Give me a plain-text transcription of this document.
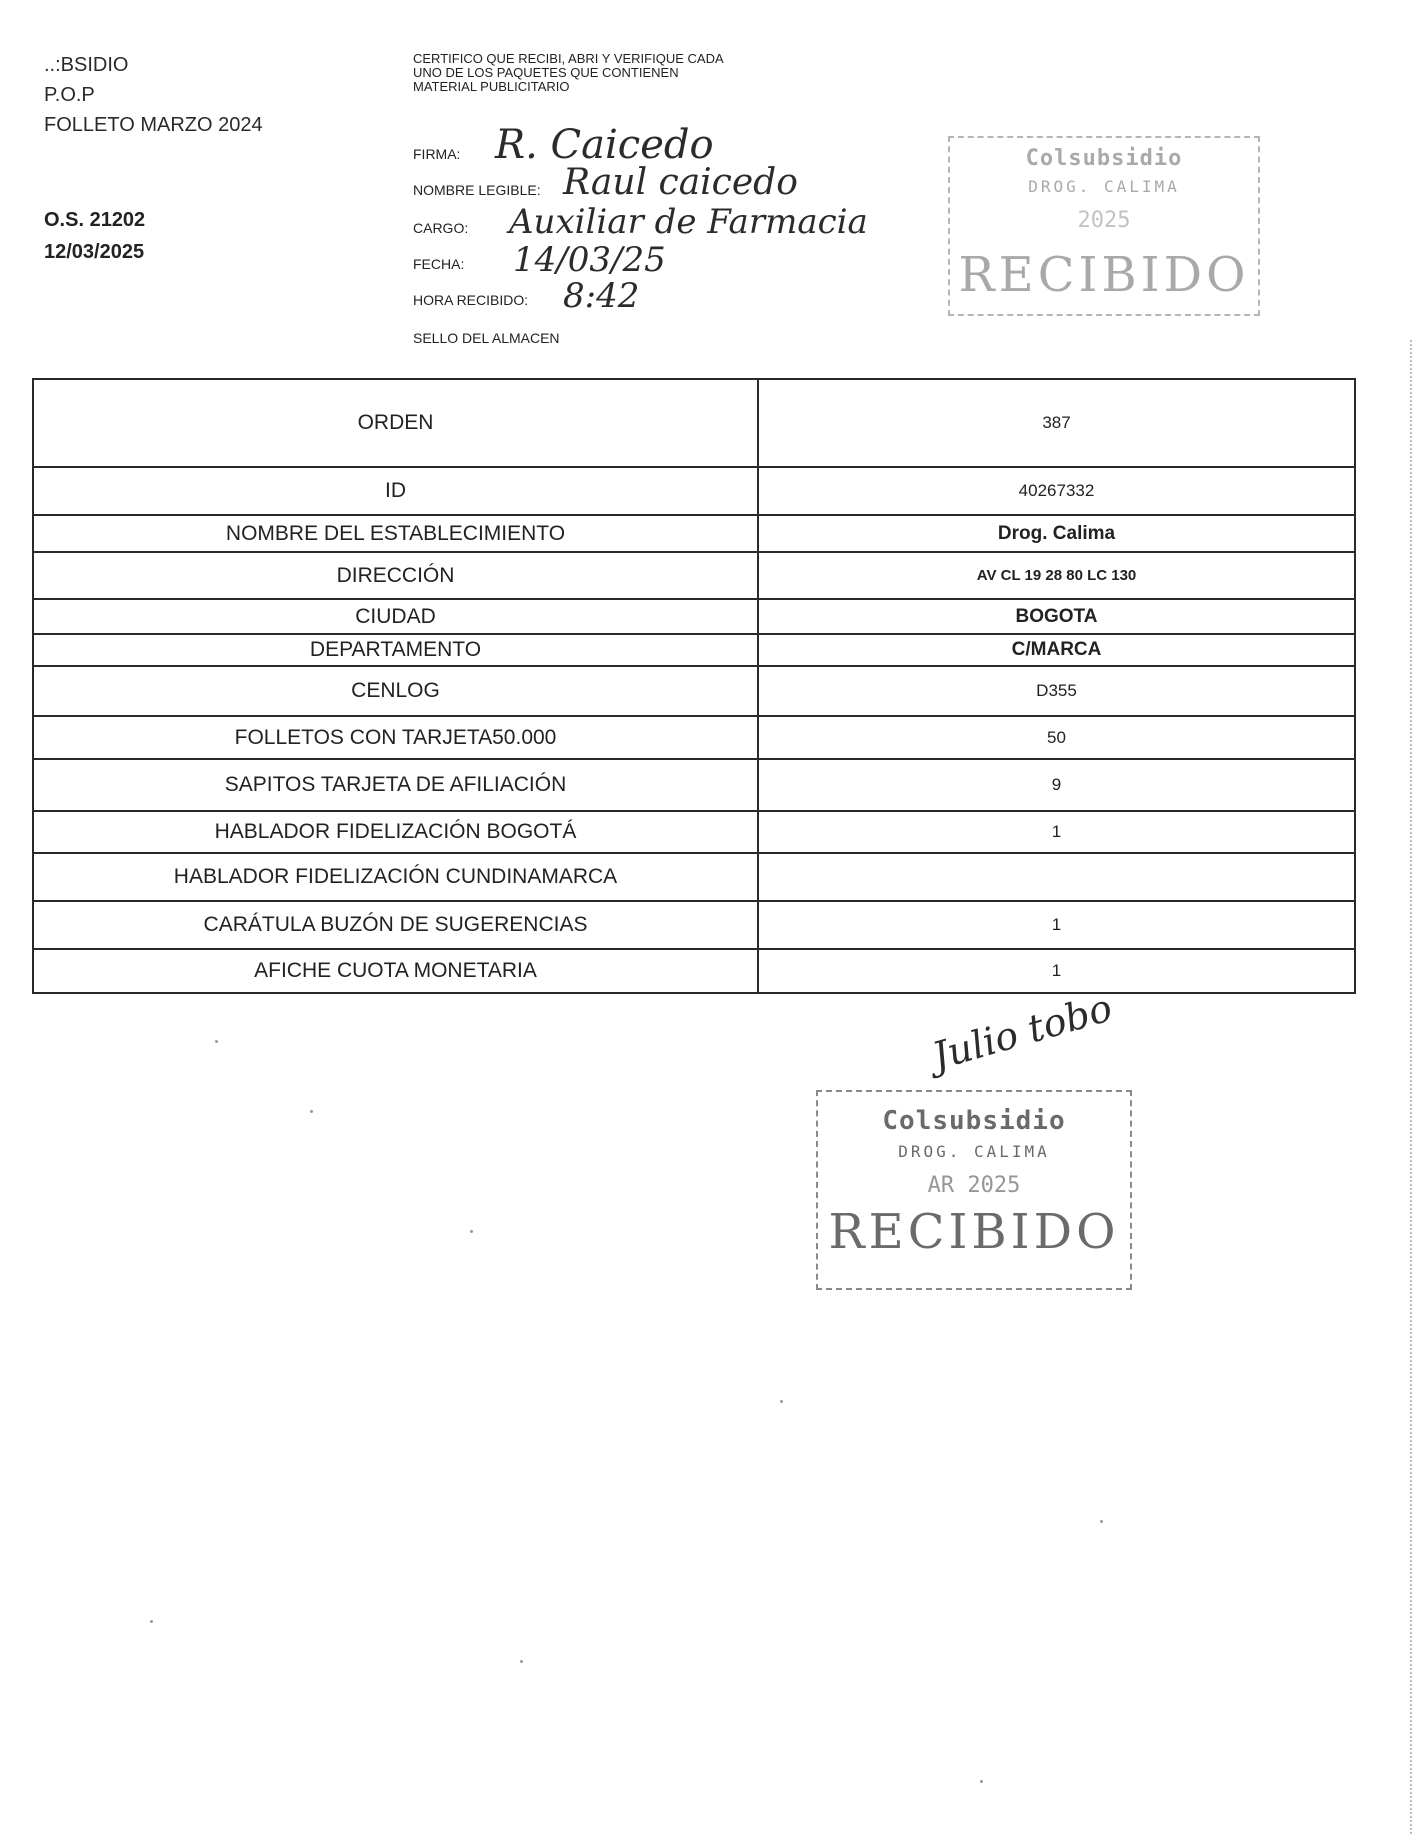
..:BSIDIO
P.O.P
FOLLETO MARZO 2024
O.S. 21202
12/03/2025
CERTIFICO QUE RECIBI, ABRI Y VERIFIQUE CADA UNO DE LOS PAQUETES QUE CONTIENEN MATERIAL PUBLICITARIO
FIRMA: R. Caicedo
NOMBRE LEGIBLE: Raul caicedo
CARGO: Auxiliar de Farmacia
FECHA: 14/03/25
HORA RECIBIDO: 8:42
SELLO DEL ALMACEN
Colsubsidio
DROG. CALIMA
2025
RECIBIDO
ORDEN	387
ID	40267332
NOMBRE DEL ESTABLECIMIENTO	Drog. Calima
DIRECCIÓN	AV CL 19 28 80 LC 130
CIUDAD	BOGOTA
DEPARTAMENTO	C/MARCA
CENLOG	D355
FOLLETOS CON TARJETA50.000	50
SAPITOS TARJETA DE AFILIACIÓN	9
HABLADOR FIDELIZACIÓN BOGOTÁ	1
HABLADOR FIDELIZACIÓN CUNDINAMARCA	
CARÁTULA BUZÓN DE SUGERENCIAS	1
AFICHE CUOTA MONETARIA	1
Julio tobo
Colsubsidio
DROG. CALIMA
AR 2025
RECIBIDO
